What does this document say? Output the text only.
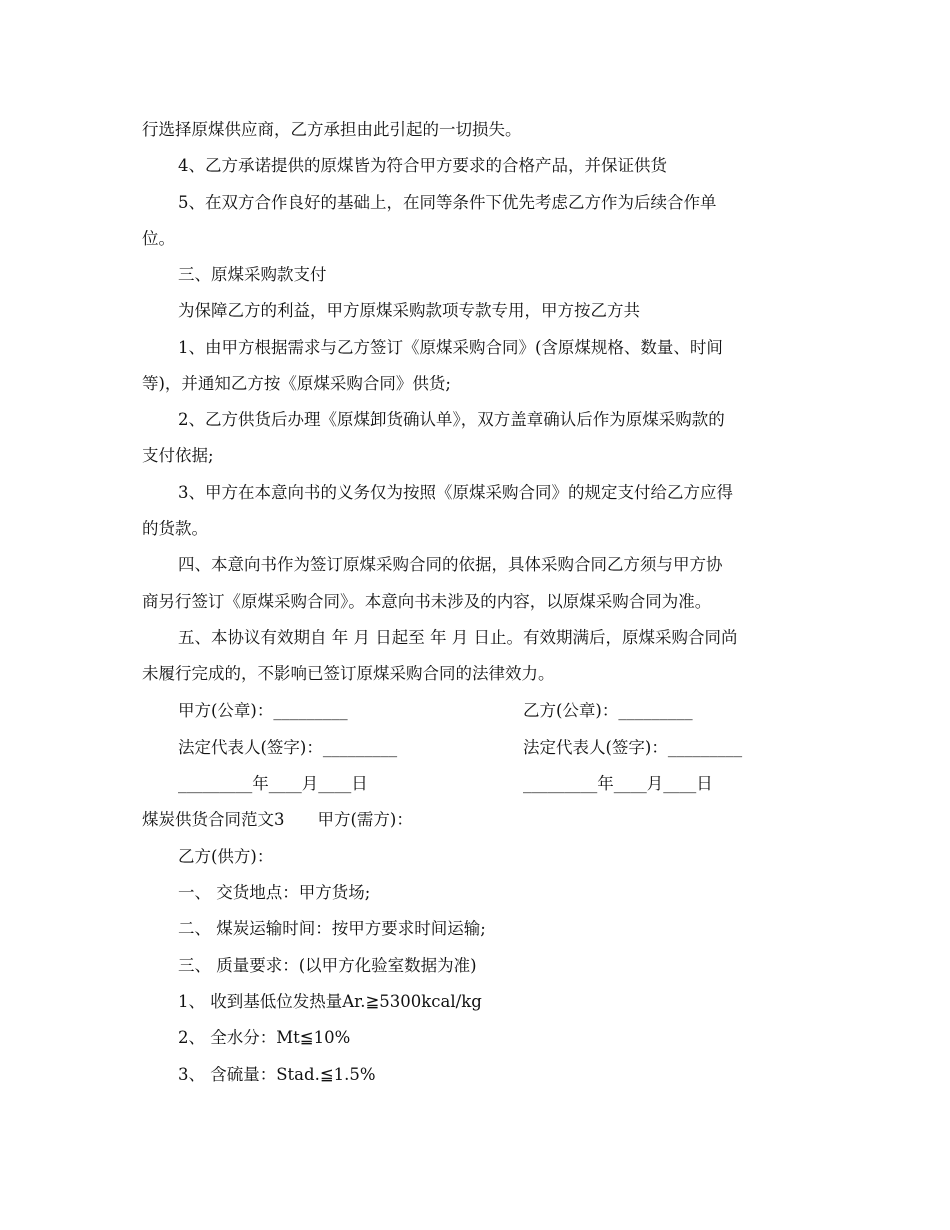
行选择原煤供应商，乙方承担由此引起的一切损失。
4、乙方承诺提供的原煤皆为符合甲方要求的合格产品，并保证供货
5、在双方合作良好的基础上，在同等条件下优先考虑乙方作为后续合作单
位。
三、原煤采购款支付
为保障乙方的利益，甲方原煤采购款项专款专用，甲方按乙方共
1、由甲方根据需求与乙方签订《原煤采购合同》(含原煤规格、数量、时间
等)，并通知乙方按《原煤采购合同》供货;
2、乙方供货后办理《原煤卸货确认单》，双方盖章确认后作为原煤采购款的
支付依据;
3、甲方在本意向书的义务仅为按照《原煤采购合同》的规定支付给乙方应得
的货款。
四、本意向书作为签订原煤采购合同的依据，具体采购合同乙方须与甲方协
商另行签订《原煤采购合同》。本意向书未涉及的内容，以原煤采购合同为准。
五、本协议有效期自 年 月 日起至 年 月 日止。有效期满后，原煤采购合同尚
未履行完成的，不影响已签订原煤采购合同的法律效力。
甲方(公章)：_________	乙方(公章)：_________
法定代表人(签字)：_________	法定代表人(签字)：_________
_________年____月____日	_________年____月____日
煤炭供货合同范文3　　甲方(需方)：
乙方(供方)：
一、 交货地点：甲方货场;
二、 煤炭运输时间：按甲方要求时间运输;
三、 质量要求：(以甲方化验室数据为准)
1、 收到基低位发热量Ar.≧5300kcal/kg
2、 全水分：Mt≦10%
3、 含硫量：Stad.≦1.5%
